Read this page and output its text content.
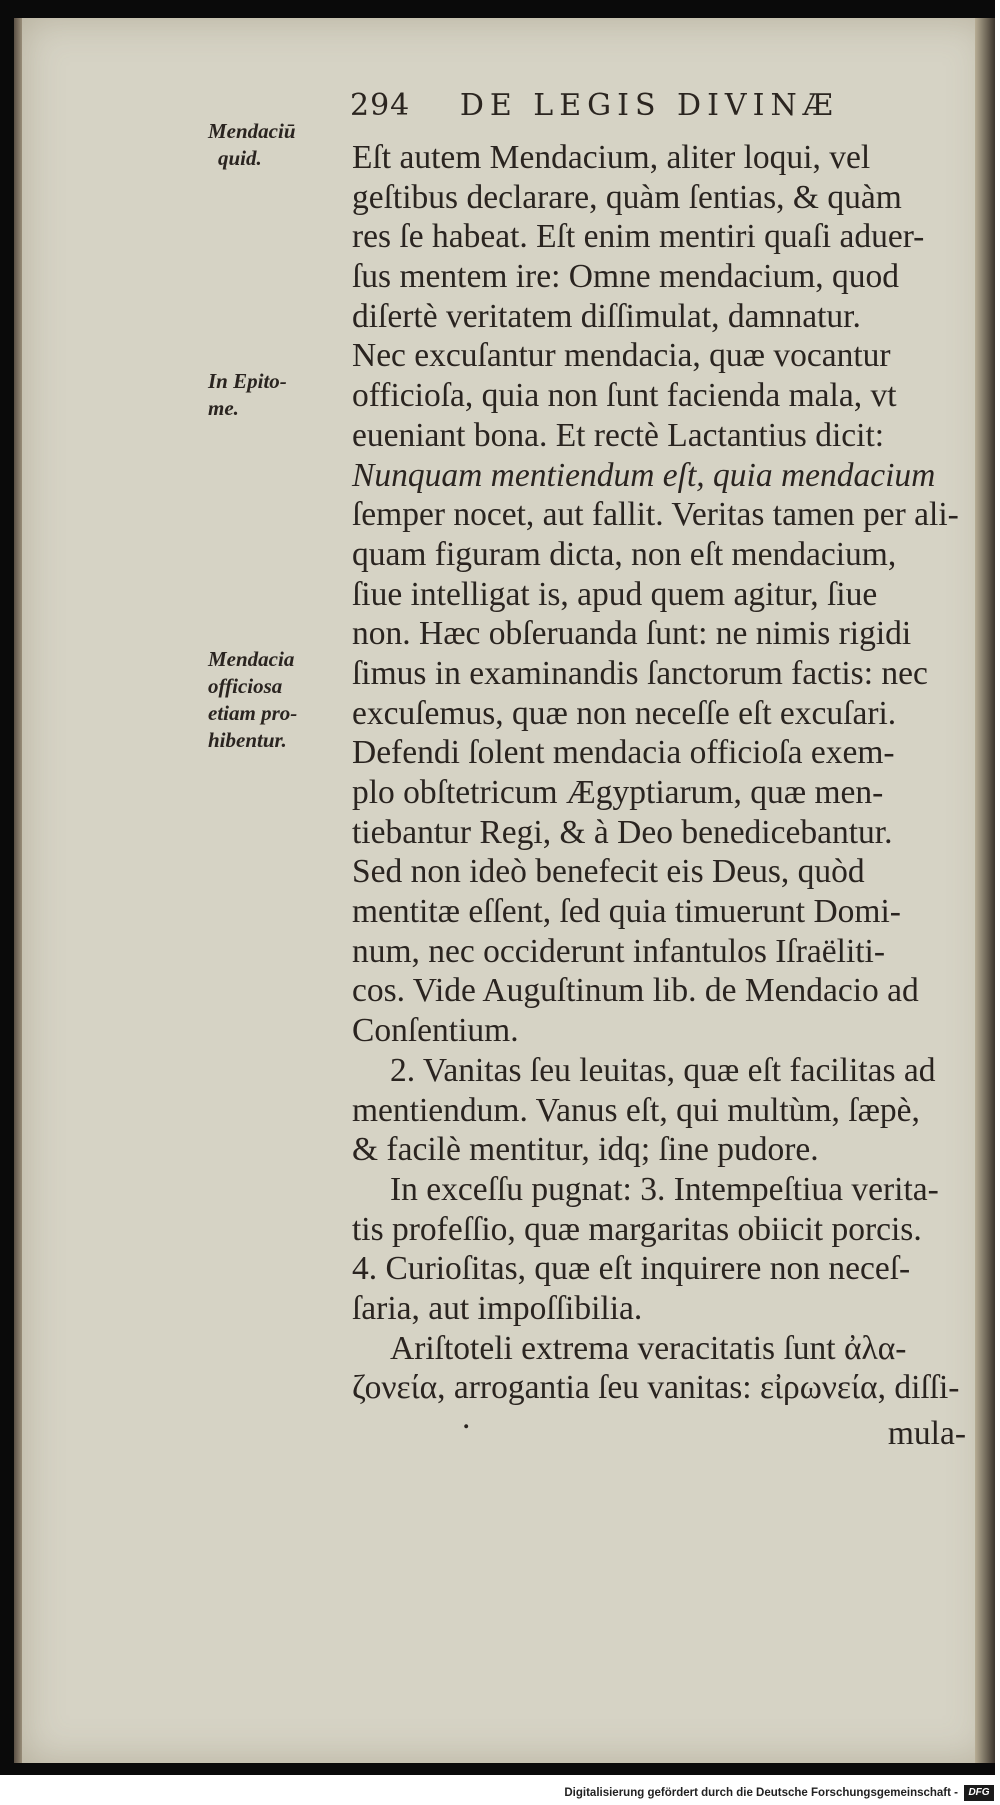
294 DE LEGIS DIVINÆ
Mendaciū
quid.
In Epito-
me.
Mendacia
officiosa
etiam pro-
hibentur.
Eſt autem Mendacium, aliter loqui, vel
geſtibus declarare, quàm ſentias, & quàm
res ſe habeat. Eſt enim mentiri quaſi aduer-
ſus mentem ire: Omne mendacium, quod
diſertè veritatem diſſimulat, damnatur.
Nec excuſantur mendacia, quæ vocantur
officioſa, quia non ſunt facienda mala, vt
eueniant bona. Et rectè Lactantius dicit:
Nunquam mentiendum eſt, quia mendacium
ſemper nocet, aut fallit. Veritas tamen per ali-
quam figuram dicta, non eſt mendacium,
ſiue intelligat is, apud quem agitur, ſiue
non. Hæc obſeruanda ſunt: ne nimis rigidi
ſimus in examinandis ſanctorum factis: nec
excuſemus, quæ non neceſſe eſt excuſari.
Defendi ſolent mendacia officioſa exem-
plo obſtetricum Ægyptiarum, quæ men-
tiebantur Regi, & à Deo benedicebantur.
Sed non ideò benefecit eis Deus, quòd
mentitæ eſſent, ſed quia timuerunt Domi-
num, nec occiderunt infantulos Iſraëliti-
cos. Vide Auguſtinum lib. de Mendacio ad
Conſentium.
2. Vanitas ſeu leuitas, quæ eſt facilitas ad
mentiendum. Vanus eſt, qui multùm, ſæpè,
& facilè mentitur, idq; ſine pudore.
In exceſſu pugnat: 3. Intempeſtiua verita-
tis profeſſio, quæ margaritas obiicit porcis.
4. Curioſitas, quæ eſt inquirere non neceſ-
ſaria, aut impoſſibilia.
Ariſtoteli extrema veracitatis ſunt ἀλα-
ζονεία, arrogantia ſeu vanitas: εἰρωνεία, diſſi-
.	mula-
Digitalisierung gefördert durch die Deutsche Forschungsgemeinschaft -	DFG
